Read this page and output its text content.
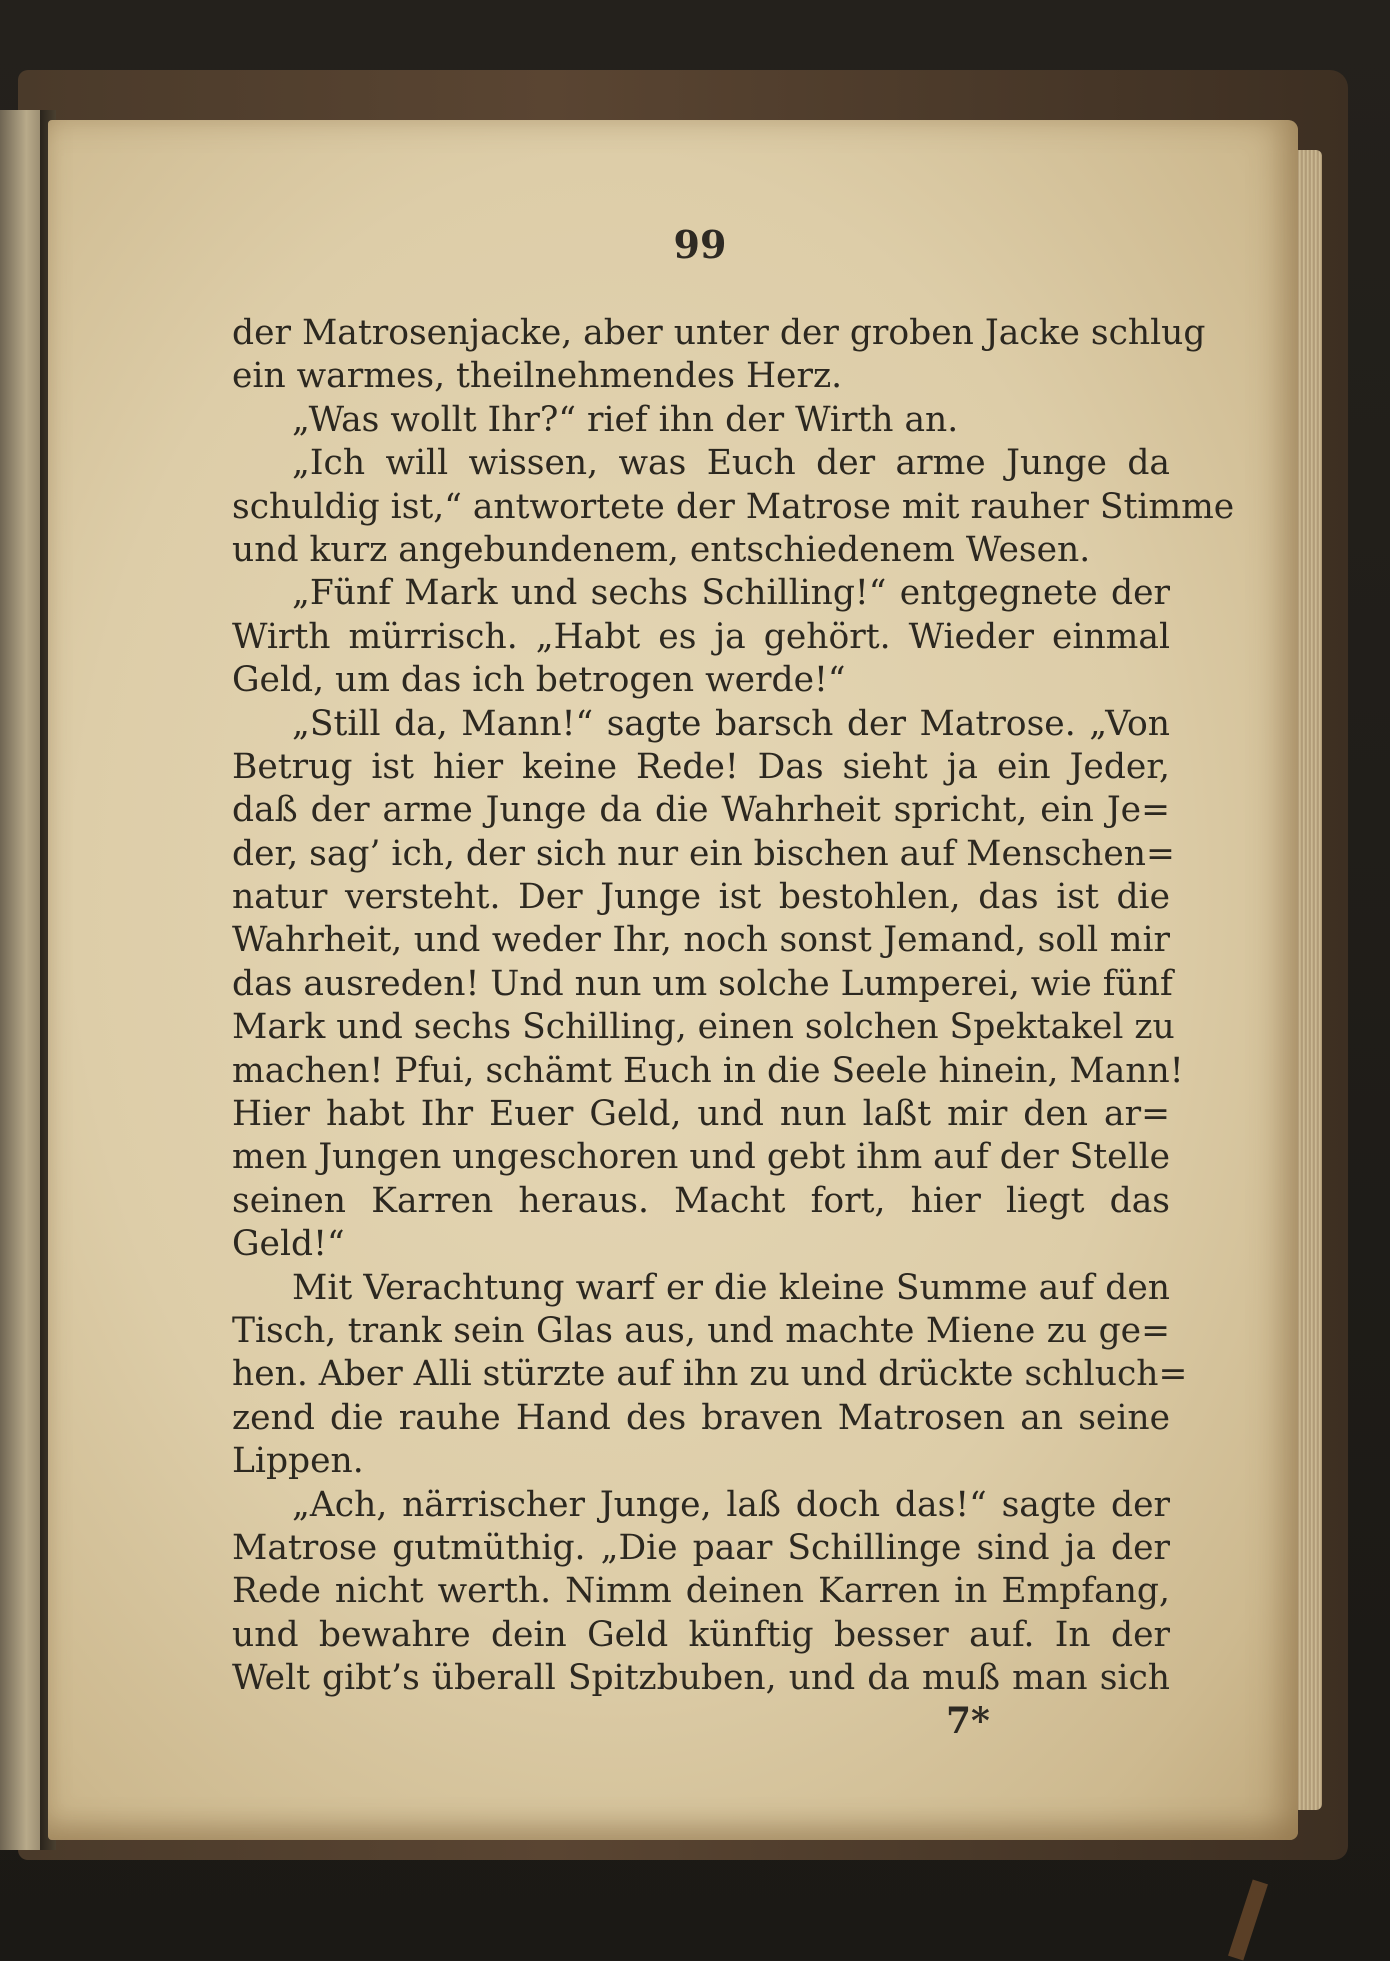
99
der Matrosenjacke, aber unter der groben Jacke schlug
ein warmes, theilnehmendes Herz.
„Was wollt Ihr?“ rief ihn der Wirth an.
„Ich will wissen, was Euch der arme Junge da
schuldig ist,“ antwortete der Matrose mit rauher Stimme
und kurz angebundenem, entschiedenem Wesen.
„Fünf Mark und sechs Schilling!“ entgegnete der
Wirth mürrisch. „Habt es ja gehört. Wieder einmal
Geld, um das ich betrogen werde!“
„Still da, Mann!“ sagte barsch der Matrose. „Von
Betrug ist hier keine Rede! Das sieht ja ein Jeder,
daß der arme Junge da die Wahrheit spricht, ein Je=
der, sag’ ich, der sich nur ein bischen auf Menschen=
natur versteht. Der Junge ist bestohlen, das ist die
Wahrheit, und weder Ihr, noch sonst Jemand, soll mir
das ausreden! Und nun um solche Lumperei, wie fünf
Mark und sechs Schilling, einen solchen Spektakel zu
machen! Pfui, schämt Euch in die Seele hinein, Mann!
Hier habt Ihr Euer Geld, und nun laßt mir den ar=
men Jungen ungeschoren und gebt ihm auf der Stelle
seinen Karren heraus. Macht fort, hier liegt das
Geld!“
Mit Verachtung warf er die kleine Summe auf den
Tisch, trank sein Glas aus, und machte Miene zu ge=
hen. Aber Alli stürzte auf ihn zu und drückte schluch=
zend die rauhe Hand des braven Matrosen an seine
Lippen.
„Ach, närrischer Junge, laß doch das!“ sagte der
Matrose gutmüthig. „Die paar Schillinge sind ja der
Rede nicht werth. Nimm deinen Karren in Empfang,
und bewahre dein Geld künftig besser auf. In der
Welt gibt’s überall Spitzbuben, und da muß man sich
7*
